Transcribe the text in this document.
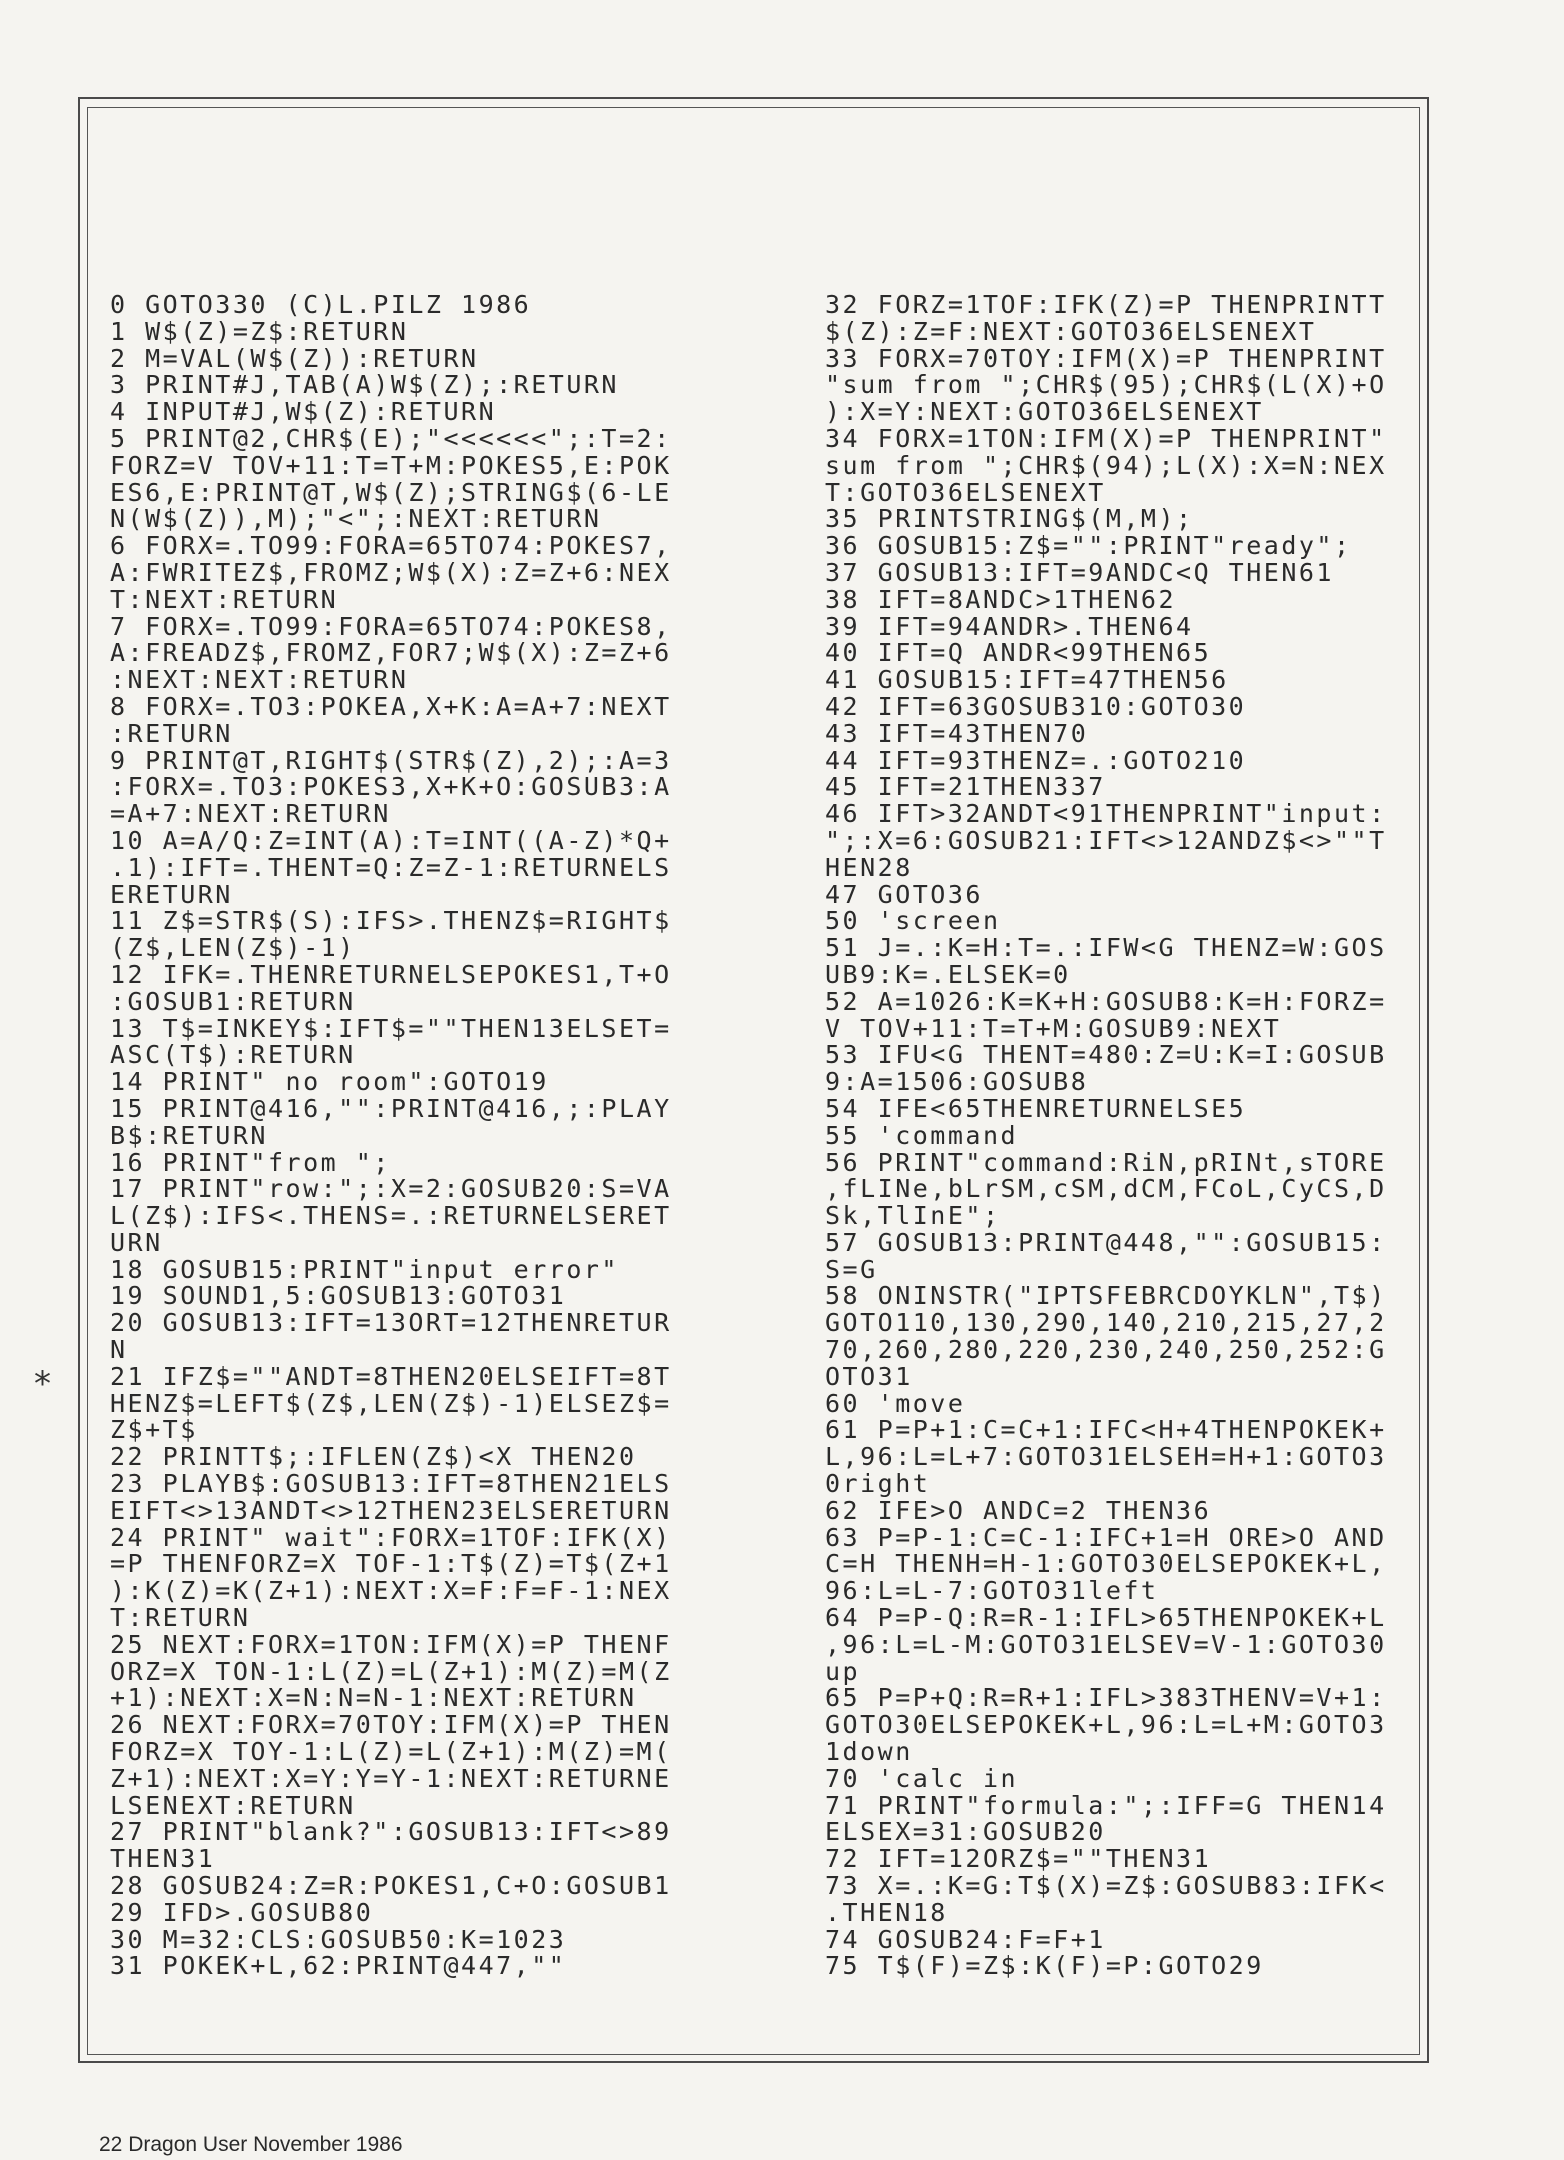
0 GOTO330 (C)L.PILZ 1986
1 W$(Z)=Z$:RETURN
2 M=VAL(W$(Z)):RETURN
3 PRINT#J,TAB(A)W$(Z);:RETURN
4 INPUT#J,W$(Z):RETURN
5 PRINT@2,CHR$(E);"<<<<<<";:T=2:
FORZ=V TOV+11:T=T+M:POKES5,E:POK
ES6,E:PRINT@T,W$(Z);STRING$(6-LE
N(W$(Z)),M);"<";:NEXT:RETURN
6 FORX=.TO99:FORA=65TO74:POKES7,
A:FWRITEZ$,FROMZ;W$(X):Z=Z+6:NEX
T:NEXT:RETURN
7 FORX=.TO99:FORA=65TO74:POKES8,
A:FREADZ$,FROMZ,FOR7;W$(X):Z=Z+6
:NEXT:NEXT:RETURN
8 FORX=.TO3:POKEA,X+K:A=A+7:NEXT
:RETURN
9 PRINT@T,RIGHT$(STR$(Z),2);:A=3
:FORX=.TO3:POKES3,X+K+O:GOSUB3:A
=A+7:NEXT:RETURN
10 A=A/Q:Z=INT(A):T=INT((A-Z)*Q+
.1):IFT=.THENT=Q:Z=Z-1:RETURNELS
ERETURN
11 Z$=STR$(S):IFS>.THENZ$=RIGHT$
(Z$,LEN(Z$)-1)
12 IFK=.THENRETURNELSEPOKES1,T+O
:GOSUB1:RETURN
13 T$=INKEY$:IFT$=""THEN13ELSET=
ASC(T$):RETURN
14 PRINT" no room":GOTO19
15 PRINT@416,"":PRINT@416,;:PLAY
B$:RETURN
16 PRINT"from ";
17 PRINT"row:";:X=2:GOSUB20:S=VA
L(Z$):IFS<.THENS=.:RETURNELSERET
URN
18 GOSUB15:PRINT"input error"
19 SOUND1,5:GOSUB13:GOTO31
20 GOSUB13:IFT=13ORT=12THENRETUR
N
21 IFZ$=""ANDT=8THEN20ELSEIFT=8T
HENZ$=LEFT$(Z$,LEN(Z$)-1)ELSEZ$=
Z$+T$
22 PRINTT$;:IFLEN(Z$)<X THEN20
23 PLAYB$:GOSUB13:IFT=8THEN21ELS
EIFT<>13ANDT<>12THEN23ELSERETURN
24 PRINT" wait":FORX=1TOF:IFK(X)
=P THENFORZ=X TOF-1:T$(Z)=T$(Z+1
):K(Z)=K(Z+1):NEXT:X=F:F=F-1:NEX
T:RETURN
25 NEXT:FORX=1TON:IFM(X)=P THENF
ORZ=X TON-1:L(Z)=L(Z+1):M(Z)=M(Z
+1):NEXT:X=N:N=N-1:NEXT:RETURN
26 NEXT:FORX=70TOY:IFM(X)=P THEN
FORZ=X TOY-1:L(Z)=L(Z+1):M(Z)=M(
Z+1):NEXT:X=Y:Y=Y-1:NEXT:RETURNE
LSENEXT:RETURN
27 PRINT"blank?":GOSUB13:IFT<>89
THEN31
28 GOSUB24:Z=R:POKES1,C+O:GOSUB1
29 IFD>.GOSUB80
30 M=32:CLS:GOSUB50:K=1023
31 POKEK+L,62:PRINT@447,""
32 FORZ=1TOF:IFK(Z)=P THENPRINTT
$(Z):Z=F:NEXT:GOTO36ELSENEXT
33 FORX=70TOY:IFM(X)=P THENPRINT
"sum from ";CHR$(95);CHR$(L(X)+O
):X=Y:NEXT:GOTO36ELSENEXT
34 FORX=1TON:IFM(X)=P THENPRINT"
sum from ";CHR$(94);L(X):X=N:NEX
T:GOTO36ELSENEXT
35 PRINTSTRING$(M,M);
36 GOSUB15:Z$="":PRINT"ready";
37 GOSUB13:IFT=9ANDC<Q THEN61
38 IFT=8ANDC>1THEN62
39 IFT=94ANDR>.THEN64
40 IFT=Q ANDR<99THEN65
41 GOSUB15:IFT=47THEN56
42 IFT=63GOSUB310:GOTO30
43 IFT=43THEN70
44 IFT=93THENZ=.:GOTO210
45 IFT=21THEN337
46 IFT>32ANDT<91THENPRINT"input:
";:X=6:GOSUB21:IFT<>12ANDZ$<>""T
HEN28
47 GOTO36
50 'screen
51 J=.:K=H:T=.:IFW<G THENZ=W:GOS
UB9:K=.ELSEK=0
52 A=1026:K=K+H:GOSUB8:K=H:FORZ=
V TOV+11:T=T+M:GOSUB9:NEXT
53 IFU<G THENT=480:Z=U:K=I:GOSUB
9:A=1506:GOSUB8
54 IFE<65THENRETURNELSE5
55 'command
56 PRINT"command:RiN,pRINt,sTORE
,fLINe,bLrSM,cSM,dCM,FCoL,CyCS,D
Sk,TlInE";
57 GOSUB13:PRINT@448,"":GOSUB15:
S=G
58 ONINSTR("IPTSFEBRCDOYKLN",T$)
GOTO110,130,290,140,210,215,27,2
70,260,280,220,230,240,250,252:G
OTO31
60 'move
61 P=P+1:C=C+1:IFC<H+4THENPOKEK+
L,96:L=L+7:GOTO31ELSEH=H+1:GOTO3
0right
62 IFE>O ANDC=2 THEN36
63 P=P-1:C=C-1:IFC+1=H ORE>O AND
C=H THENH=H-1:GOTO30ELSEPOKEK+L,
96:L=L-7:GOTO31left
64 P=P-Q:R=R-1:IFL>65THENPOKEK+L
,96:L=L-M:GOTO31ELSEV=V-1:GOTO30
up
65 P=P+Q:R=R+1:IFL>383THENV=V+1:
GOTO30ELSEPOKEK+L,96:L=L+M:GOTO3
1down
70 'calc in
71 PRINT"formula:";:IFF=G THEN14
ELSEX=31:GOSUB20
72 IFT=12ORZ$=""THEN31
73 X=.:K=G:T$(X)=Z$:GOSUB83:IFK<
.THEN18
74 GOSUB24:F=F+1
75 T$(F)=Z$:K(F)=P:GOTO29
*
22 Dragon User November 1986
